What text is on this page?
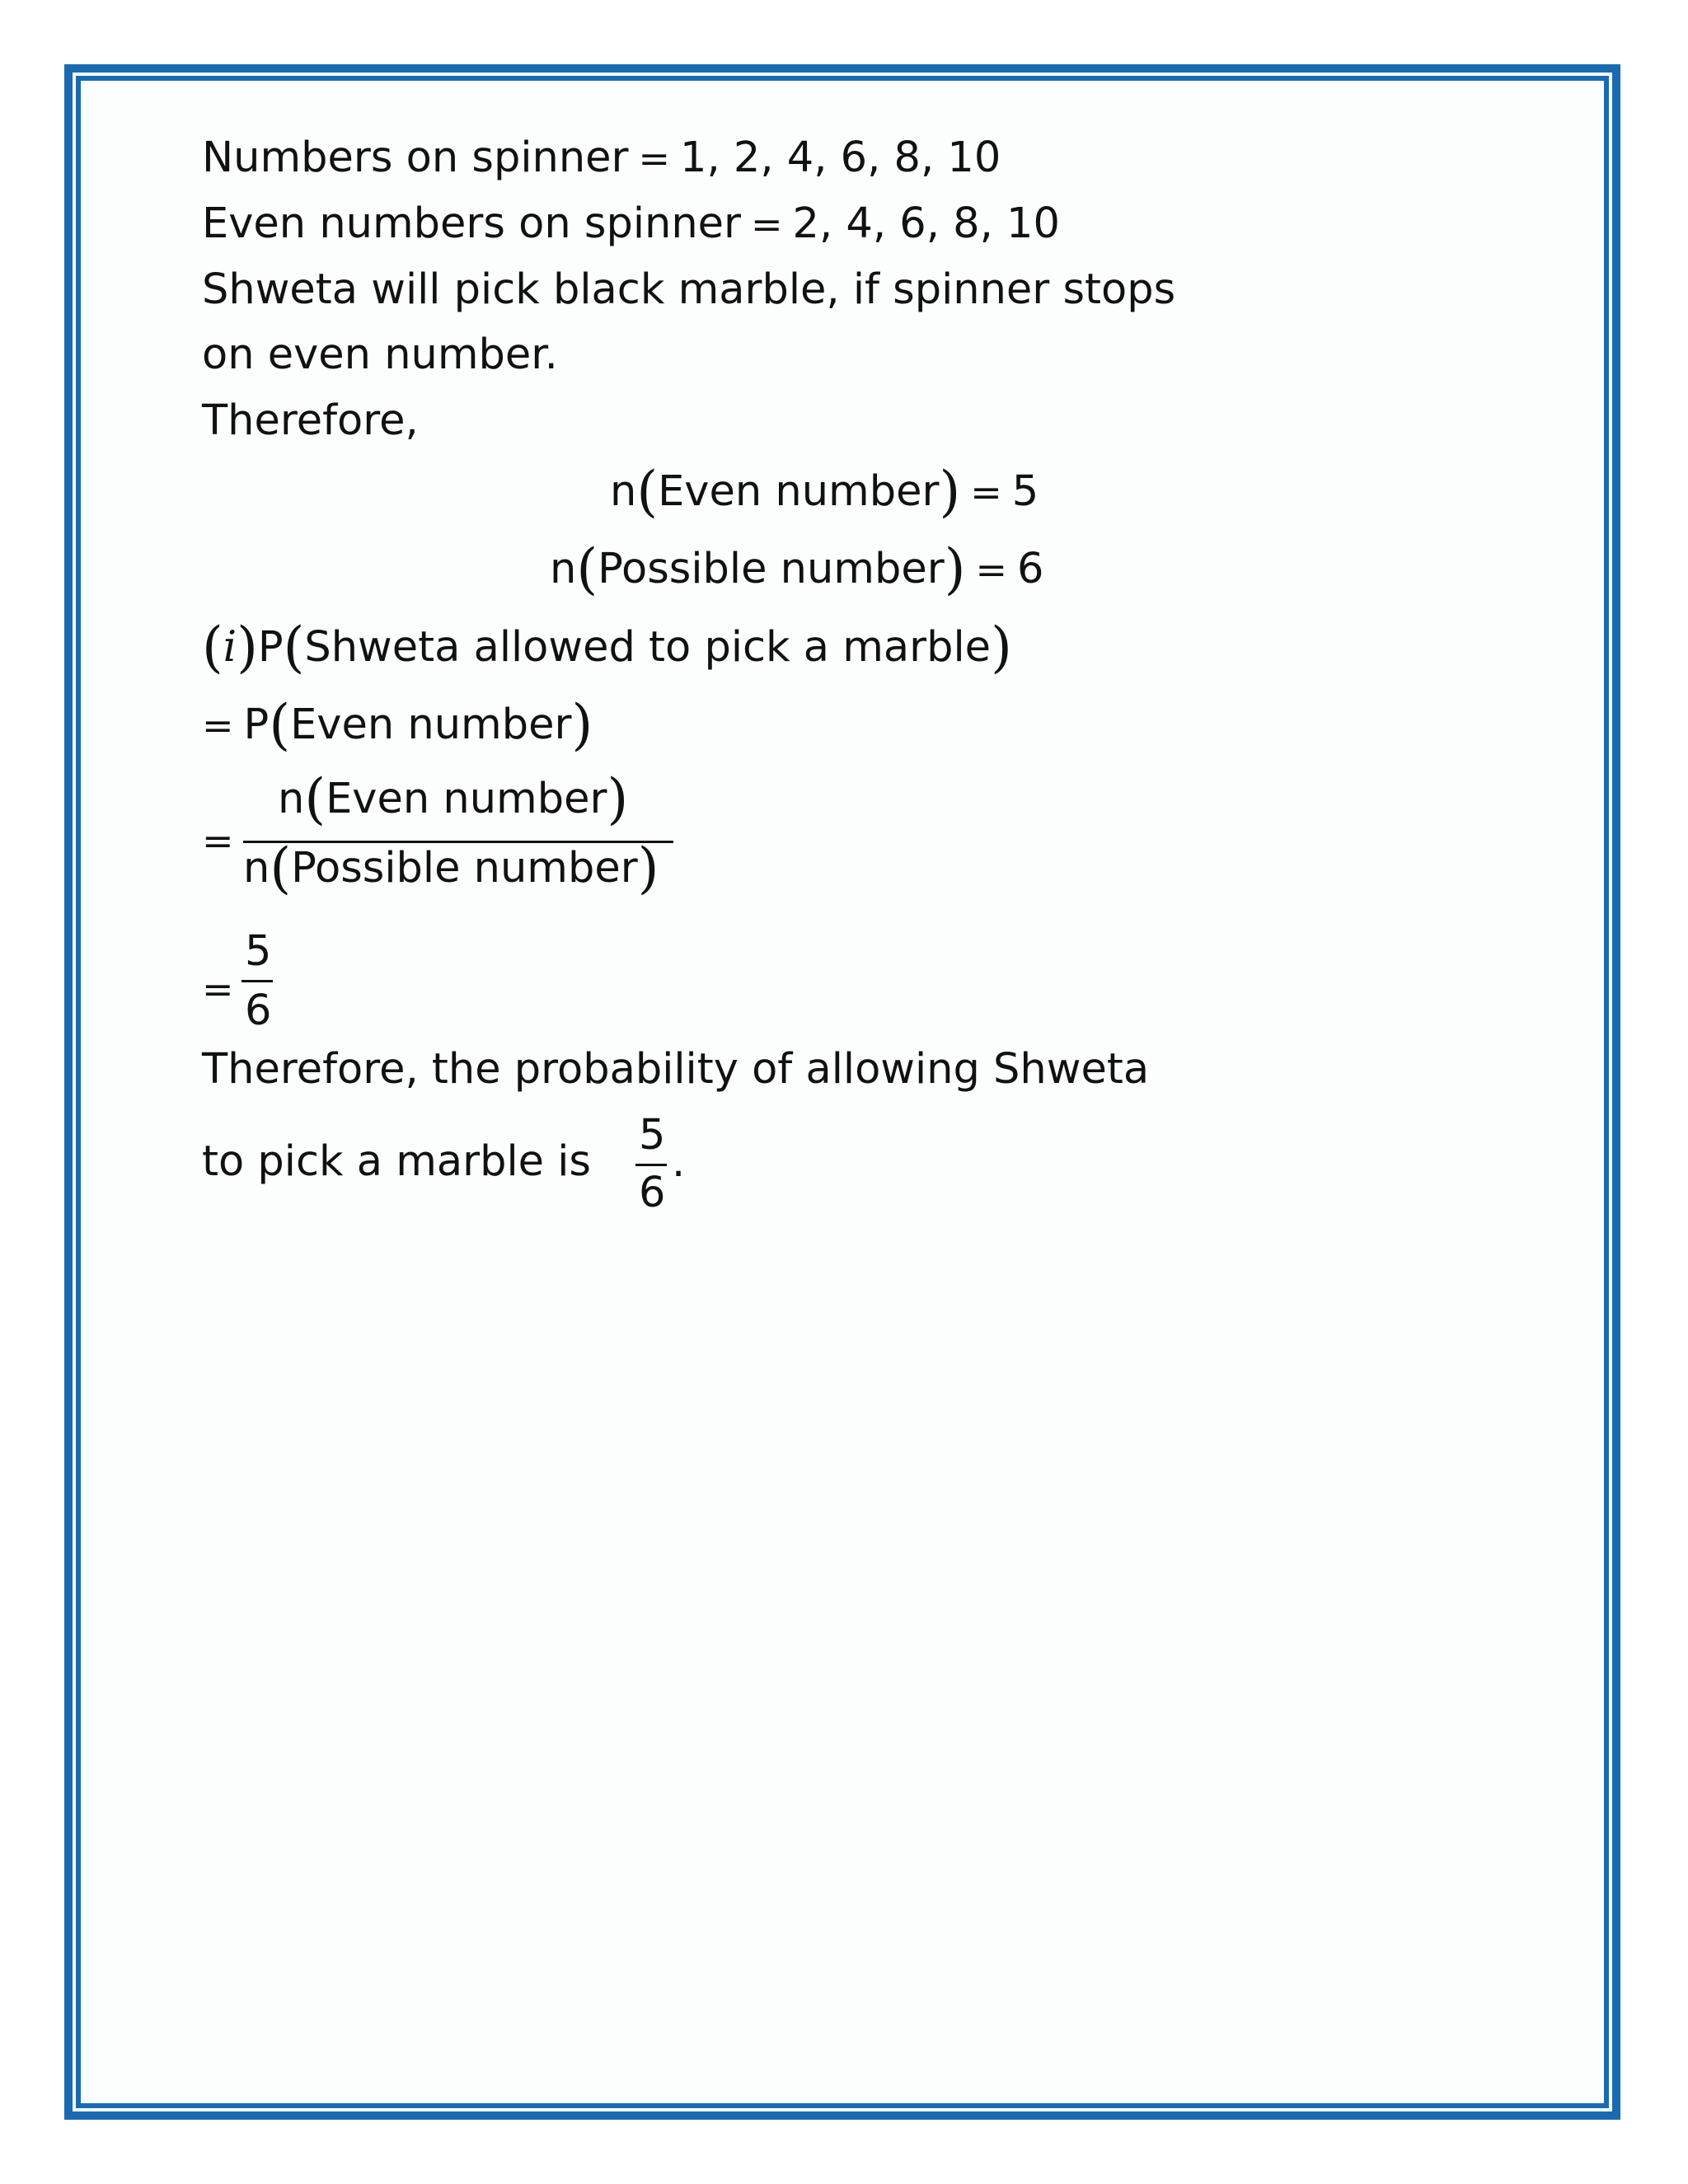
Numbers on spinner = 1, 2, 4, 6, 8, 10
Even numbers on spinner = 2, 4, 6, 8, 10
Shweta will pick black marble, if spinner stops
on even number.
Therefore,
n(Even number) = 5
n(Possible number) = 6
(i)P(Shweta allowed to pick a marble)
= P(Even number)
=
n(Even number)
n(Possible number)
=
5
6
Therefore, the probability of allowing Shweta
to pick a marble is
5
6
.
